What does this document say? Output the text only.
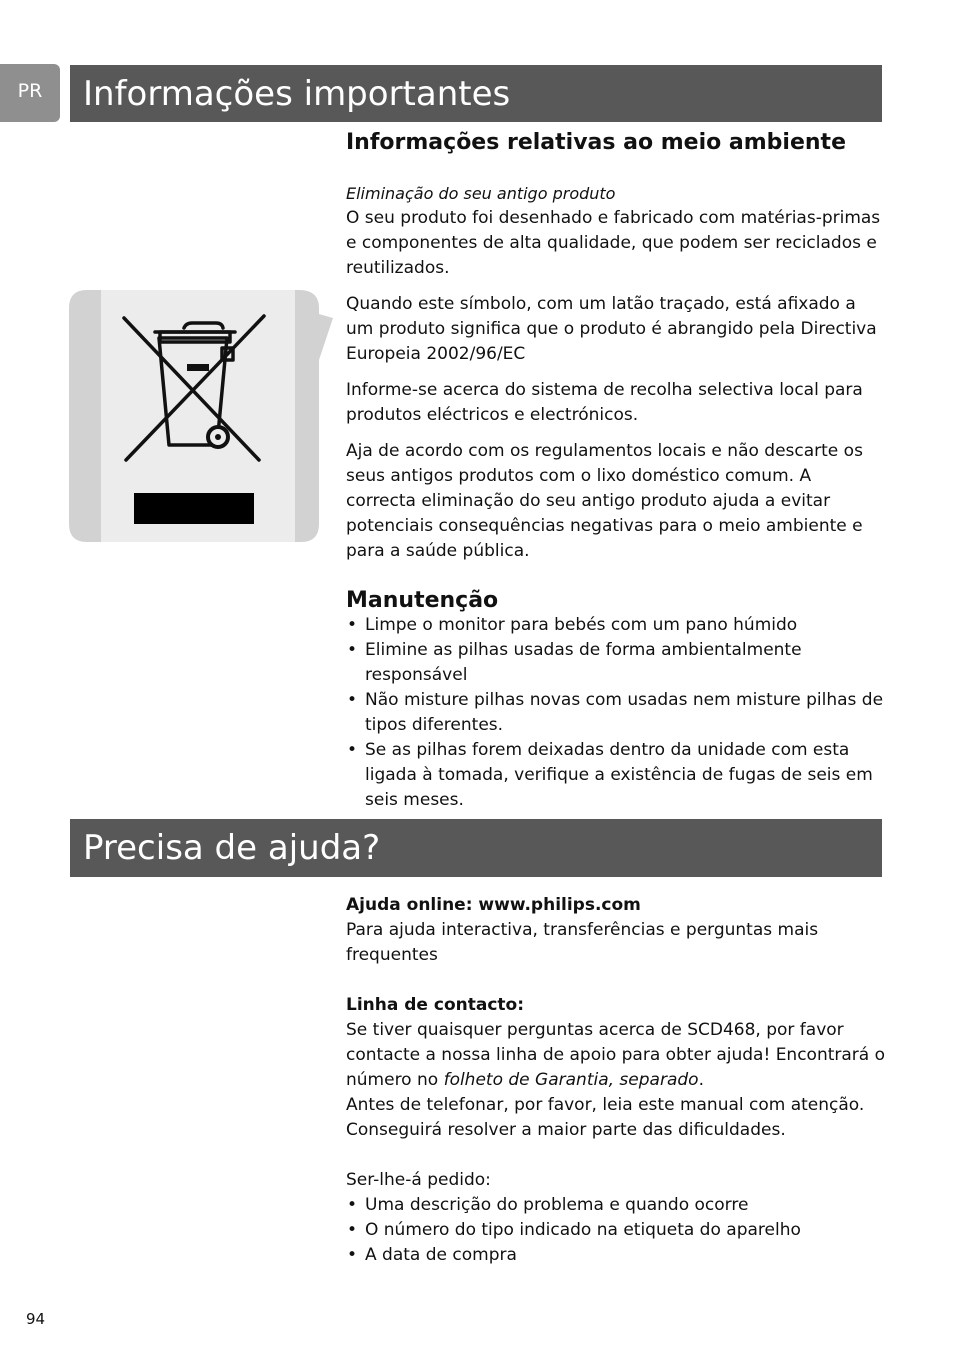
PR	Informações importantes
Informações relativas ao meio ambiente

Eliminação do seu antigo produto

O seu produto foi desenhado e fabricado com matérias-primas e componentes de alta qualidade, que podem ser reciclados e reutilizados.

Quando este símbolo, com um latão traçado, está afixado a um produto significa que o produto é abrangido pela Directiva Europeia 2002/96/EC

Informe-se acerca do sistema de recolha selectiva local para produtos eléctricos e electrónicos.

Aja de acordo com os regulamentos locais e não descarte os seus antigos produtos com o lixo doméstico comum. A correcta eliminação do seu antigo produto ajuda a evitar potenciais consequências negativas para o meio ambiente e para a saúde pública.

Manutenção
• Limpe o monitor para bebés com um pano húmido
• Elimine as pilhas usadas de forma ambientalmente responsável
• Não misture pilhas novas com usadas nem misture pilhas de tipos diferentes.
• Se as pilhas forem deixadas dentro da unidade com esta ligada à tomada, verifique a existência de fugas de seis em seis meses.
Precisa de ajuda?

Ajuda online: www.philips.com

Para ajuda interactiva, transferências e perguntas mais frequentes

Linha de contacto:

Se tiver quaisquer perguntas acerca de SCD468, por favor contacte a nossa linha de apoio para obter ajuda! Encontrará o número no folheto de Garantia, separado.

Antes de telefonar, por favor, leia este manual com atenção. Conseguirá resolver a maior parte das dificuldades.

Ser-lhe-á pedido:

• Uma descrição do problema e quando ocorre
• O número do tipo indicado na etiqueta do aparelho
• A data de compra
94
